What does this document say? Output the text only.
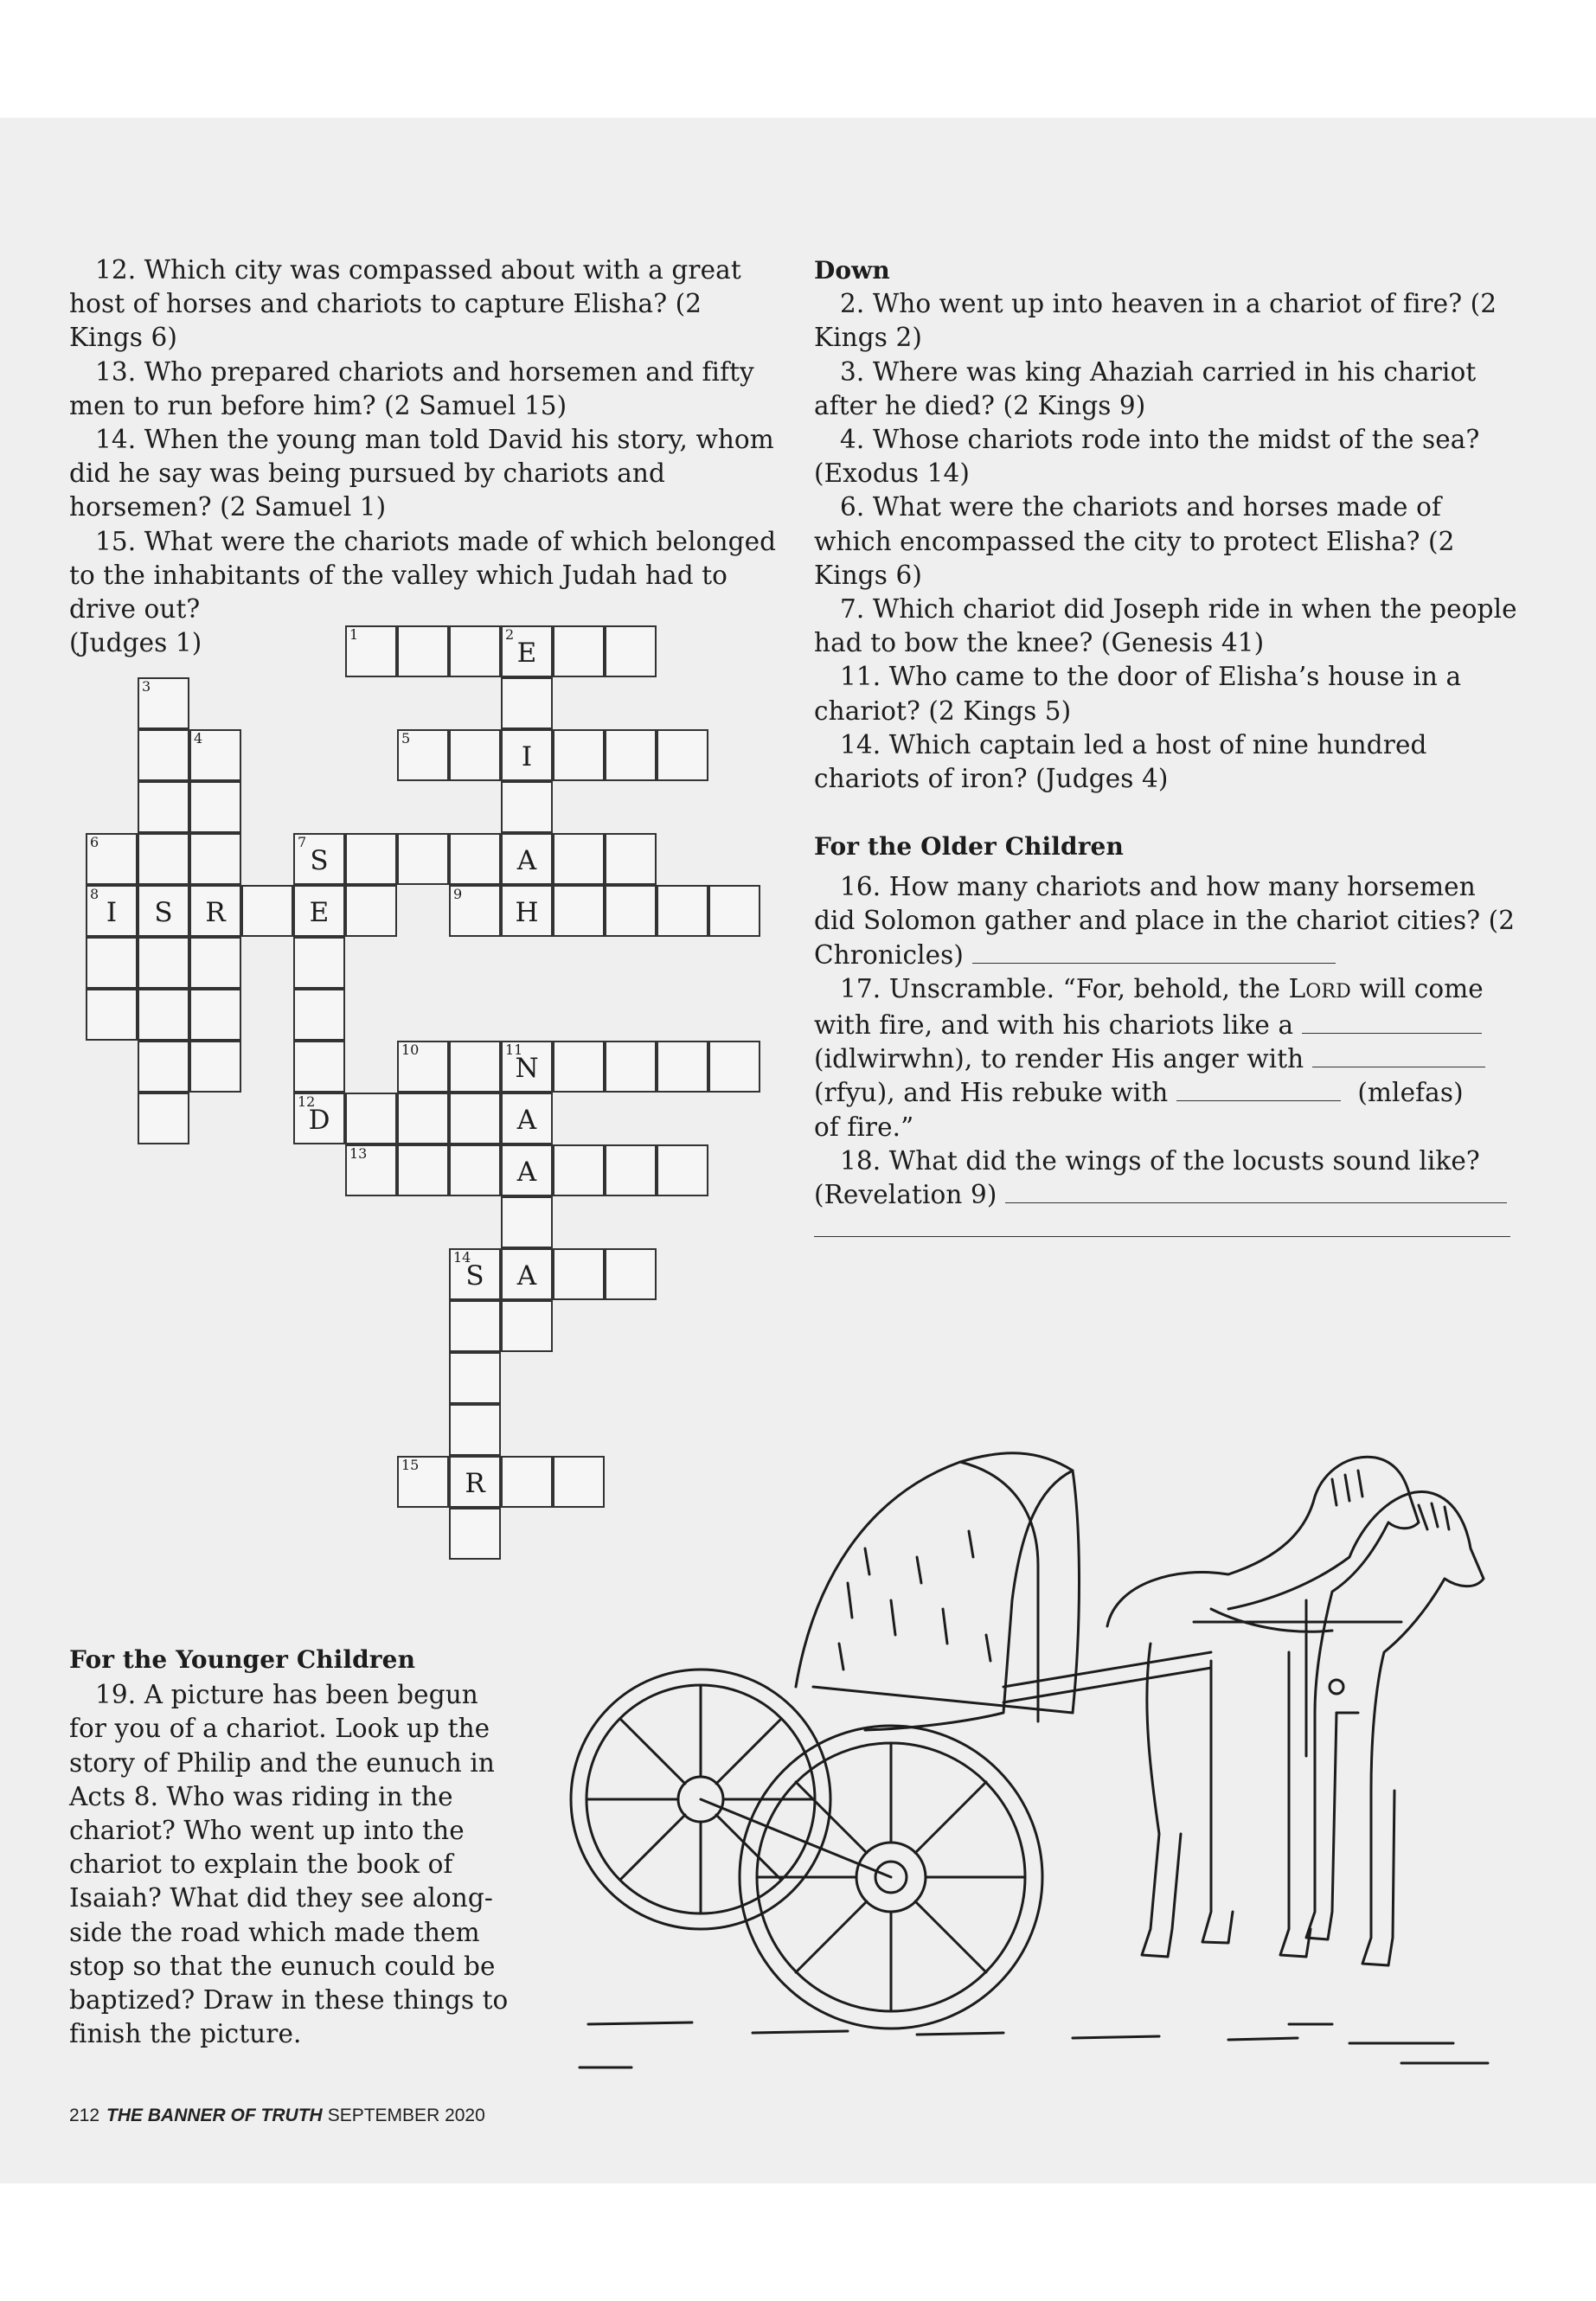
12. Which city was compassed about with a great host of horses and chariots to capture Elisha? (2 Kings 6)

13. Who prepared chariots and horsemen and fifty men to run before him? (2 Samuel 15)

14. When the young man told David his story, whom did he say was being pursued by chariots and horsemen? (2 Samuel 1)

15. What were the chariots made of which belonged to the inhabitants of the valley which Judah had to drive out?

(Judges 1)

Down

2. Who went up into heaven in a chariot of fire? (2 Kings 2)

3. Where was king Ahaziah carried in his chariot after he died? (2 Kings 9)

4. Whose chariots rode into the midst of the sea? (Exodus 14)

6. What were the chariots and horses made of which encompassed the city to protect Elisha? (2 Kings 6)

7. Which chariot did Joseph ride in when the people had to bow the knee? (Genesis 41)

11. Who came to the door of Elisha’s house in a chariot? (2 Kings 5)

14. Which captain led a host of nine hundred chariots of iron? (Judges 4)

For the Older Children

16. How many chariots and how many horsemen did Solomon gather and place in the chariot cities? (2 Chronicles)

17. Unscramble. “For, behold, the LORD will come with fire, and with his chariots like a
(idlwirwhn), to render His anger with
(rfyu), and His rebuke with	(mlefas)
of fire.”

18. What did the wings of the locusts sound like? (Revelation 9)

For the Younger Children

19. A picture has been begun for you of a chariot. Look up the story of Philip and the eunuch in Acts 8. Who was riding in the chariot? Who went up into the chariot to explain the book of Isaiah? What did they see along-side the road which made them stop so that the eunuch could be baptized? Draw in these things to finish the picture.

1	2
E
3
4	5
I
6	7
S	A
8
I	S	R	E
9
H
10	11
N
12
D	A
13
A
14
S	A
15
R
212 THE BANNER OF TRUTH SEPTEMBER 2020
